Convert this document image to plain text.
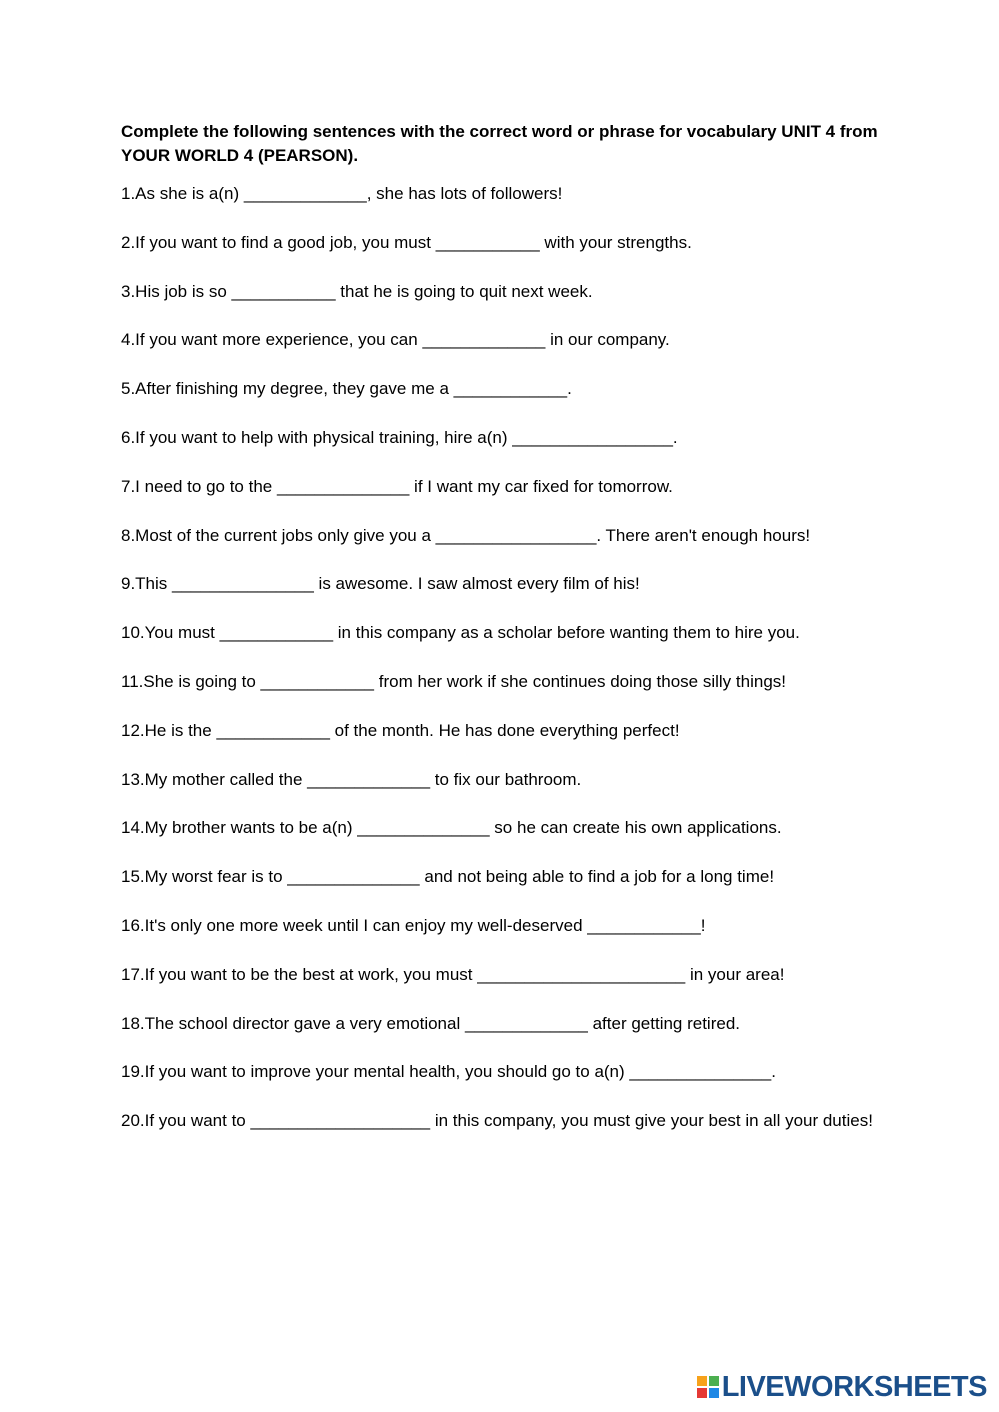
Complete the following sentences with the correct word or phrase for vocabulary UNIT 4 from YOUR WORLD 4 (PEARSON).

1.As she is a(n) _____________, she has lots of followers!

2.If you want to find a good job, you must ___________ with your strengths.

3.His job is so ___________ that he is going to quit next week.

4.If you want more experience, you can _____________ in our company.

5.After finishing my degree, they gave me a ____________.

6.If you want to help with physical training, hire a(n) _________________.

7.I need to go to the ______________ if I want my car fixed for tomorrow.

8.Most of the current jobs only give you a _________________. There aren't enough hours!

9.This _______________ is awesome. I saw almost every film of his!

10.You must ____________ in this company as a scholar before wanting them to hire you.

11.She is going to ____________ from her work if she continues doing those silly things!

12.He is the ____________ of the month. He has done everything perfect!

13.My mother called the _____________ to fix our bathroom.

14.My brother wants to be a(n) ______________ so he can create his own applications.

15.My worst fear is to ______________ and not being able to find a job for a long time!

16.It's only one more week until I can enjoy my well-deserved ____________!

17.If you want to be the best at work, you must ______________________ in your area!

18.The school director gave a very emotional _____________ after getting retired.

19.If you want to improve your mental health, you should go to a(n) _______________.

20.If you want to ___________________ in this company, you must give your best in all your duties!

LIVEWORKSHEETS
